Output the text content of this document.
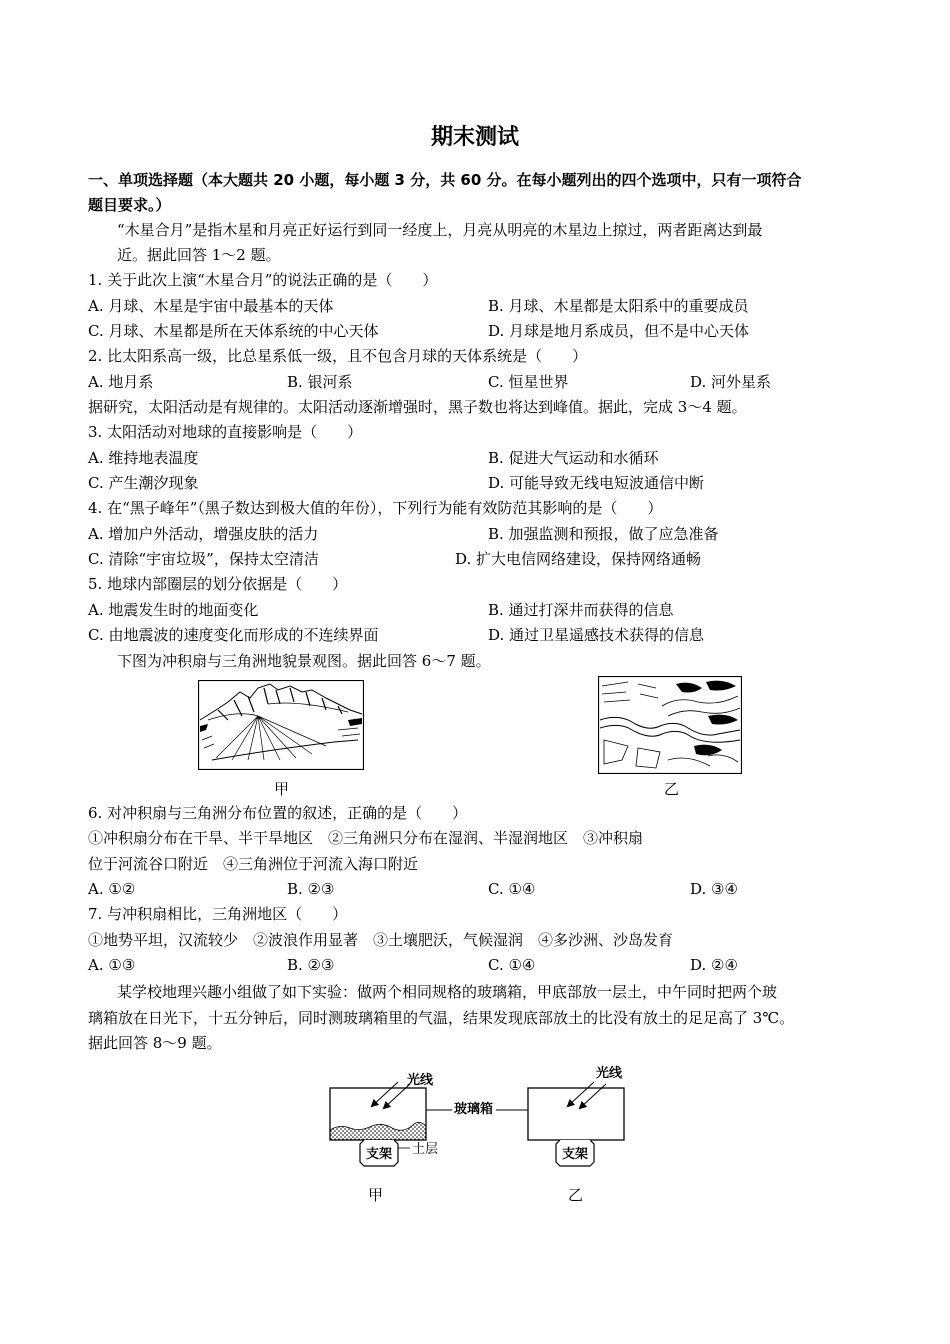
期末测试
一、单项选择题（本大题共 20 小题，每小题 3 分，共 60 分。在每小题列出的四个选项中，只有一项符合
题目要求。）
“木星合月”是指木星和月亮正好运行到同一经度上，月亮从明亮的木星边上掠过，两者距离达到最
近。据此回答 1～2 题。
1. 关于此次上演“木星合月”的说法正确的是（　　）
A. 月球、木星是宇宙中最基本的天体	B. 月球、木星都是太阳系中的重要成员
C. 月球、木星都是所在天体系统的中心天体	D. 月球是地月系成员，但不是中心天体
2. 比太阳系高一级，比总星系低一级，且不包含月球的天体系统是（　　）
A. 地月系	B. 银河系	C. 恒星世界	D. 河外星系
据研究，太阳活动是有规律的。太阳活动逐渐增强时，黑子数也将达到峰值。据此，完成 3～4 题。
3. 太阳活动对地球的直接影响是（　　）
A. 维持地表温度	B. 促进大气运动和水循环
C. 产生潮汐现象	D. 可能导致无线电短波通信中断
4. 在“黑子峰年”（黑子数达到极大值的年份），下列行为能有效防范其影响的是（　　）
A. 增加户外活动，增强皮肤的活力	B. 加强监测和预报，做了应急准备
C. 清除“宇宙垃圾”，保持太空清洁	D. 扩大电信网络建设，保持网络通畅
5. 地球内部圈层的划分依据是（　　）
A. 地震发生时的地面变化	B. 通过打深井而获得的信息
C. 由地震波的速度变化而形成的不连续界面	D. 通过卫星遥感技术获得的信息
下图为冲积扇与三角洲地貌景观图。据此回答 6～7 题。
甲	乙
6. 对冲积扇与三角洲分布位置的叙述，正确的是（　　）
①冲积扇分布在干旱、半干旱地区　②三角洲只分布在湿润、半湿润地区　③冲积扇
位于河流谷口附近　④三角洲位于河流入海口附近
A. ①②	B. ②③	C. ①④	D. ③④
7. 与冲积扇相比，三角洲地区（　　）
①地势平坦，汉流较少　②波浪作用显著　③土壤肥沃，气候湿润　④多沙洲、沙岛发育
A. ①③	B. ②③	C. ①④	D. ②④
某学校地理兴趣小组做了如下实验：做两个相同规格的玻璃箱，甲底部放一层土，中午同时把两个玻
璃箱放在日光下，十五分钟后，同时测玻璃箱里的气温，结果发现底部放土的比没有放土的足足高了 3℃。
据此回答 8～9 题。
光线	光线
玻璃箱
土层
支架	支架
甲	乙
